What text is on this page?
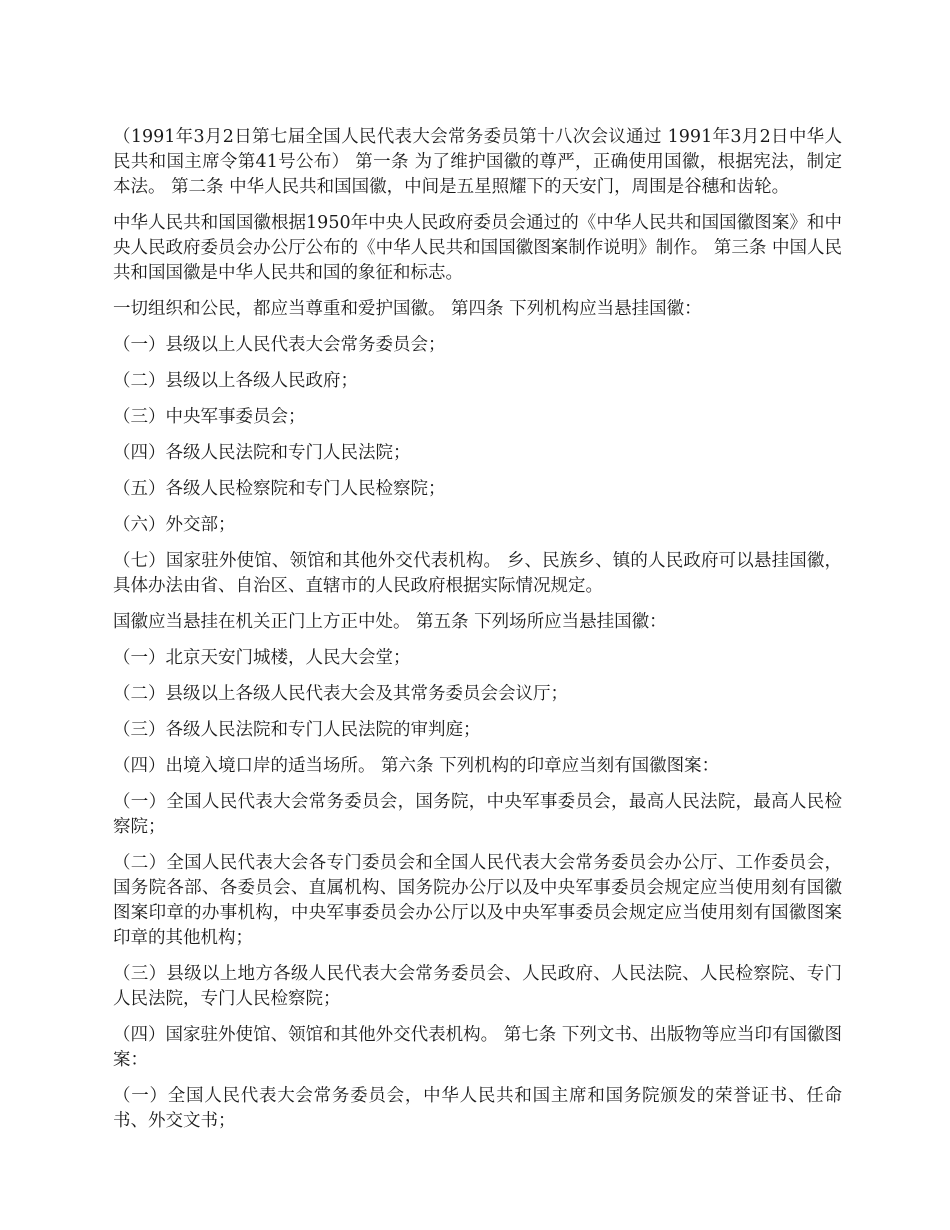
（1991年3月2日第七届全国人民代表大会常务委员第十八次会议通过 1991年3月2日中华人民共和国主席令第41号公布） 第一条 为了维护国徽的尊严，正确使用国徽，根据宪法，制定本法。 第二条 中华人民共和国国徽，中间是五星照耀下的天安门，周围是谷穗和齿轮。

中华人民共和国国徽根据1950年中央人民政府委员会通过的《中华人民共和国国徽图案》和中央人民政府委员会办公厅公布的《中华人民共和国国徽图案制作说明》制作。 第三条 中国人民共和国国徽是中华人民共和国的象征和标志。

一切组织和公民，都应当尊重和爱护国徽。 第四条 下列机构应当悬挂国徽：

（一）县级以上人民代表大会常务委员会；

（二）县级以上各级人民政府；

（三）中央军事委员会；

（四）各级人民法院和专门人民法院；

（五）各级人民检察院和专门人民检察院；

（六）外交部；

（七）国家驻外使馆、领馆和其他外交代表机构。 乡、民族乡、镇的人民政府可以悬挂国徽，具体办法由省、自治区、直辖市的人民政府根据实际情况规定。

国徽应当悬挂在机关正门上方正中处。 第五条 下列场所应当悬挂国徽：

（一）北京天安门城楼，人民大会堂；

（二）县级以上各级人民代表大会及其常务委员会会议厅；

（三）各级人民法院和专门人民法院的审判庭；

（四）出境入境口岸的适当场所。 第六条 下列机构的印章应当刻有国徽图案：

（一）全国人民代表大会常务委员会，国务院，中央军事委员会，最高人民法院，最高人民检察院；

（二）全国人民代表大会各专门委员会和全国人民代表大会常务委员会办公厅、工作委员会，国务院各部、各委员会、直属机构、国务院办公厅以及中央军事委员会规定应当使用刻有国徽图案印章的办事机构，中央军事委员会办公厅以及中央军事委员会规定应当使用刻有国徽图案印章的其他机构；

（三）县级以上地方各级人民代表大会常务委员会、人民政府、人民法院、人民检察院、专门人民法院，专门人民检察院；

（四）国家驻外使馆、领馆和其他外交代表机构。 第七条 下列文书、出版物等应当印有国徽图案：

（一）全国人民代表大会常务委员会，中华人民共和国主席和国务院颁发的荣誉证书、任命书、外交文书；
